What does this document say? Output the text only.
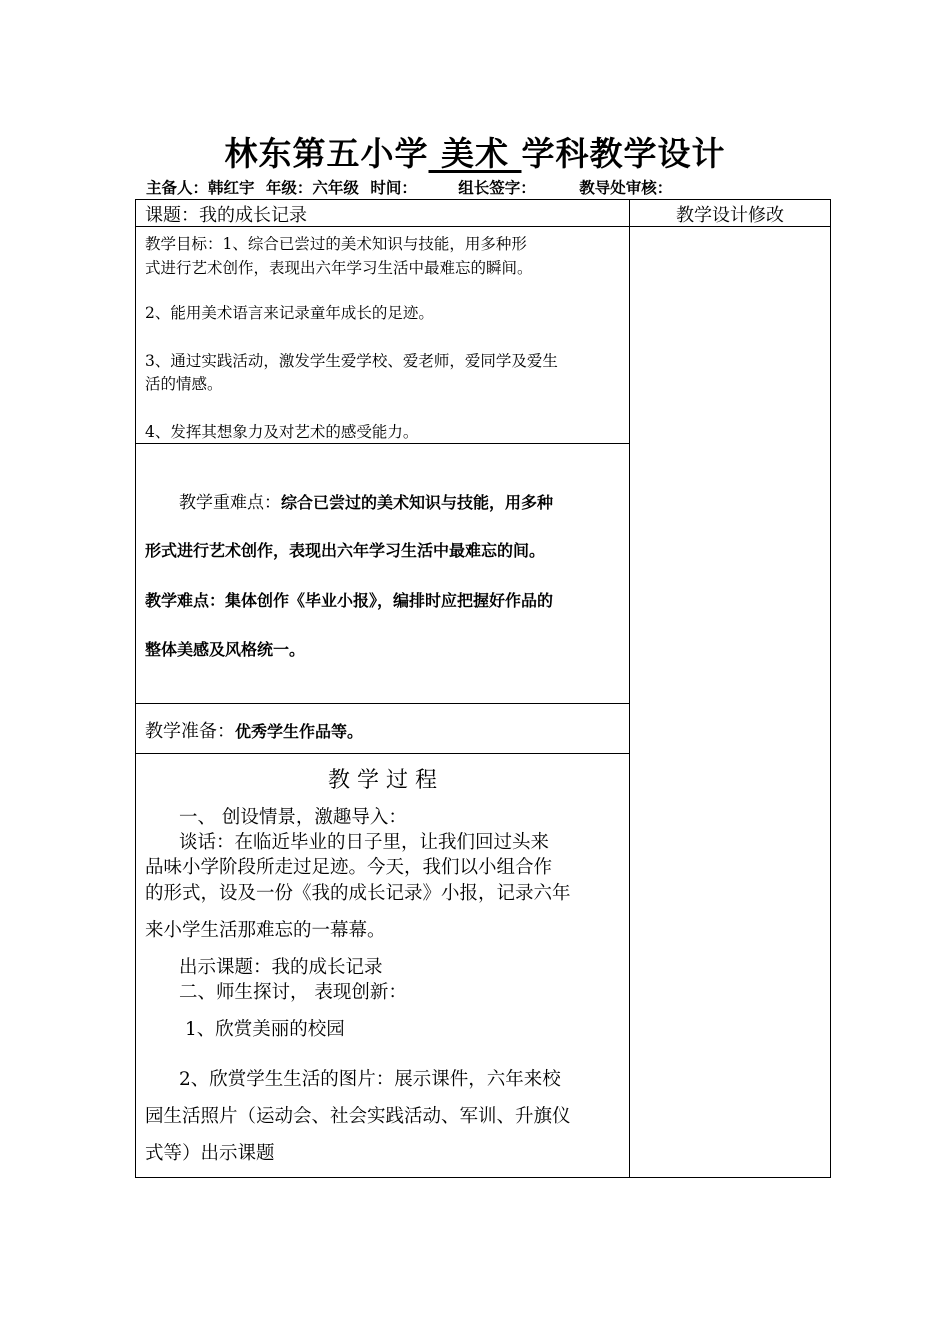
林东第五小学 美术 学科教学设计
主备人：韩红宇 年级：六年级 时间：	组长签字：	教导处审核：
课题：我的成长记录	教学设计修改
教学目标：1、综合已尝过的美术知识与技能，用多种形
式进行艺术创作，表现出六年学习生活中最难忘的瞬间。
2、能用美术语言来记录童年成长的足迹。
3、通过实践活动，激发学生爱学校、爱老师，爱同学及爱生
活的情感。
4、发挥其想象力及对艺术的感受能力。
教学重难点：综合已尝过的美术知识与技能，用多种
形式进行艺术创作，表现出六年学习生活中最难忘的间。
教学难点：集体创作《毕业小报》，编排时应把握好作品的
整体美感及风格统一。
教学准备：优秀学生作品等。
教 学 过 程
一、 创设情景，激趣导入：
谈话：在临近毕业的日子里，让我们回过头来
品味小学阶段所走过足迹。今天，我们以小组合作
的形式，设及一份《我的成长记录》小报，记录六年
来小学生活那难忘的一幕幕。
出示课题：我的成长记录
二、师生探讨， 表现创新：
1、欣赏美丽的校园
2、欣赏学生生活的图片：展示课件，六年来校
园生活照片（运动会、社会实践活动、军训、升旗仪
式等）出示课题
